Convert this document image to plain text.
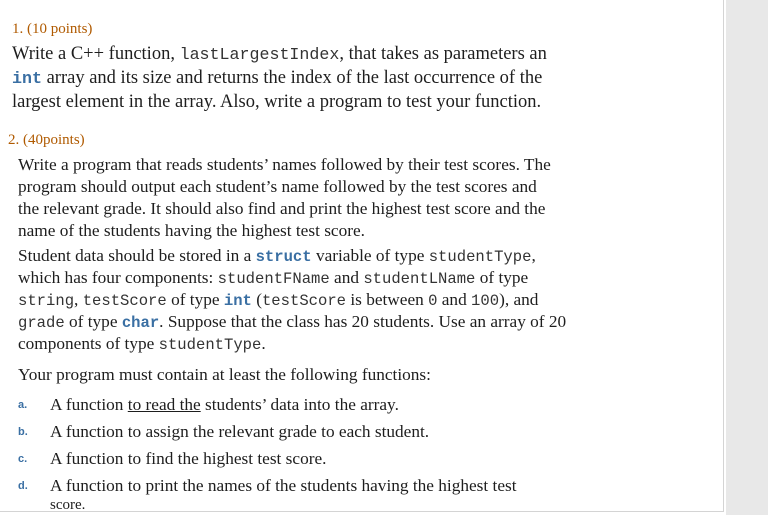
1. (10 points)
Write a C++ function, lastLargestIndex, that takes as parameters an
int array and its size and returns the index of the last occurrence of the
largest element in the array. Also, write a program to test your function.
2. (40points)
Write a program that reads students’ names followed by their test scores. The
program should output each student’s name followed by the test scores and
the relevant grade. It should also find and print the highest test score and the
name of the students having the highest test score.
Student data should be stored in a struct variable of type studentType,
which has four components: studentFName and studentLName of type
string, testScore of type int (testScore is between 0 and 100), and
grade of type char. Suppose that the class has 20 students. Use an array of 20
components of type studentType.
Your program must contain at least the following functions:
a. A function to read the students’ data into the array.
b. A function to assign the relevant grade to each student.
c. A function to find the highest test score.
d. A function to print the names of the students having the highest test
score.
